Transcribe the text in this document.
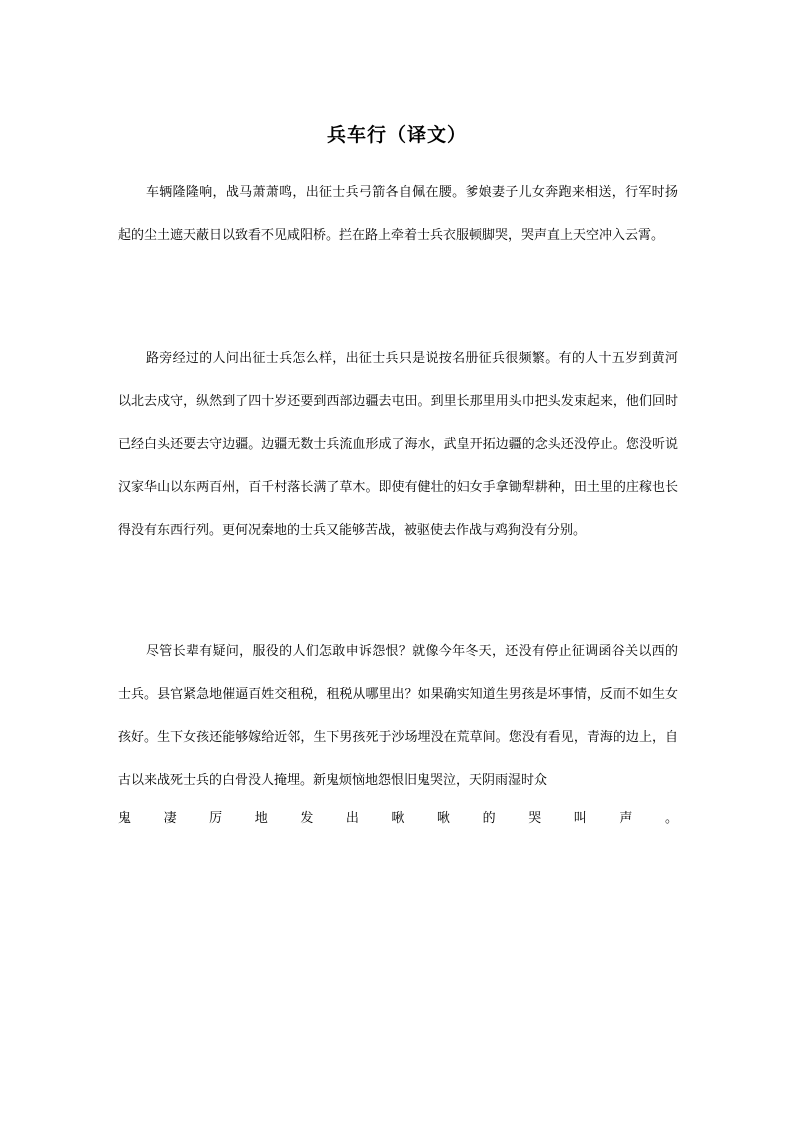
兵车行（译文）

车辆隆隆响，战马萧萧鸣，出征士兵弓箭各自佩在腰。爹娘妻子儿女奔跑来相送，行军时扬起的尘土遮天蔽日以致看不见咸阳桥。拦在路上牵着士兵衣服顿脚哭，哭声直上天空冲入云霄。

路旁经过的人问出征士兵怎么样，出征士兵只是说按名册征兵很频繁。有的人十五岁到黄河以北去戍守，纵然到了四十岁还要到西部边疆去屯田。到里长那里用头巾把头发束起来，他们回时已经白头还要去守边疆。边疆无数士兵流血形成了海水，武皇开拓边疆的念头还没停止。您没听说汉家华山以东两百州，百千村落长满了草木。即使有健壮的妇女手拿锄犁耕种，田土里的庄稼也长得没有东西行列。更何况秦地的士兵又能够苦战，被驱使去作战与鸡狗没有分别。

尽管长辈有疑问，服役的人们怎敢申诉怨恨？就像今年冬天，还没有停止征调函谷关以西的士兵。县官紧急地催逼百姓交租税，租税从哪里出？如果确实知道生男孩是坏事情，反而不如生女孩好。生下女孩还能够嫁给近邻，生下男孩死于沙场埋没在荒草间。您没有看见，青海的边上，自古以来战死士兵的白骨没人掩埋。新鬼烦恼地怨恨旧鬼哭泣，天阴雨湿时众

鬼	凄	厉	地	发	出	啾	啾	的	哭	叫	声	。
